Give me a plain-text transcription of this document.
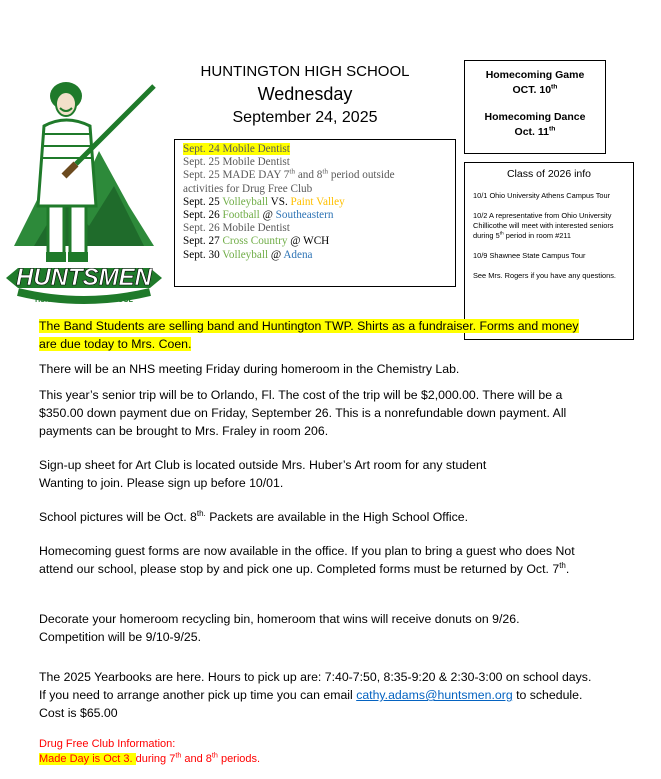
HUNTSMEN
HUNTINGTON HIGH SCHOOL
HUNTINGTON HIGH SCHOOL
Wednesday
September 24, 2025
Homecoming Game
OCT. 10th
Homecoming Dance
Oct. 11th
Sept. 24 Mobile Dentist
Sept. 25 Mobile Dentist
Sept. 25 MADE DAY 7th and 8th period outside
activities for Drug Free Club
Sept. 25 Volleyball VS. Paint Valley
Sept. 26 Football @ Southeastern
Sept. 26 Mobile Dentist
Sept. 27 Cross Country @ WCH
Sept. 30 Volleyball @ Adena
Class of 2026 info

10/1 Ohio University Athens Campus Tour

10/2 A representative from Ohio University Chillicothe will meet with interested seniors during 5th period in room #211

10/9 Shawnee State Campus Tour

See Mrs. Rogers if you have any questions.

The Band Students are selling band and Huntington TWP. Shirts as a fundraiser. Forms and money are due today to Mrs. Coen.
There will be an NHS meeting Friday during homeroom in the Chemistry Lab.
This year’s senior trip will be to Orlando, Fl. The cost of the trip will be $2,000.00. There will be a $350.00 down payment due on Friday, September 26. This is a nonrefundable down payment. All payments can be brought to Mrs. Fraley in room 206.
Sign-up sheet for Art Club is located outside Mrs. Huber’s Art room for any student
Wanting to join. Please sign up before 10/01.
School pictures will be Oct. $8^{th.}$ Packets are available in the High School Office.
Homecoming guest forms are now available in the office. If you plan to bring a guest who does Not attend our school, please stop by and pick one up. Completed forms must be returned by Oct. 7th.
Decorate your homeroom recycling bin, homeroom that wins will receive donuts on 9/26. Competition will be 9/10-9/25.
The 2025 Yearbooks are here. Hours to pick up are: 7:40-7:50, 8:35-9:20 & 2:30-3:00 on school days. If you need to arrange another pick up time you can email cathy.adams@huntsmen.org to schedule. Cost is $65.00
Drug Free Club Information:
Made Day is Oct 3. during 7th and 8th periods.
